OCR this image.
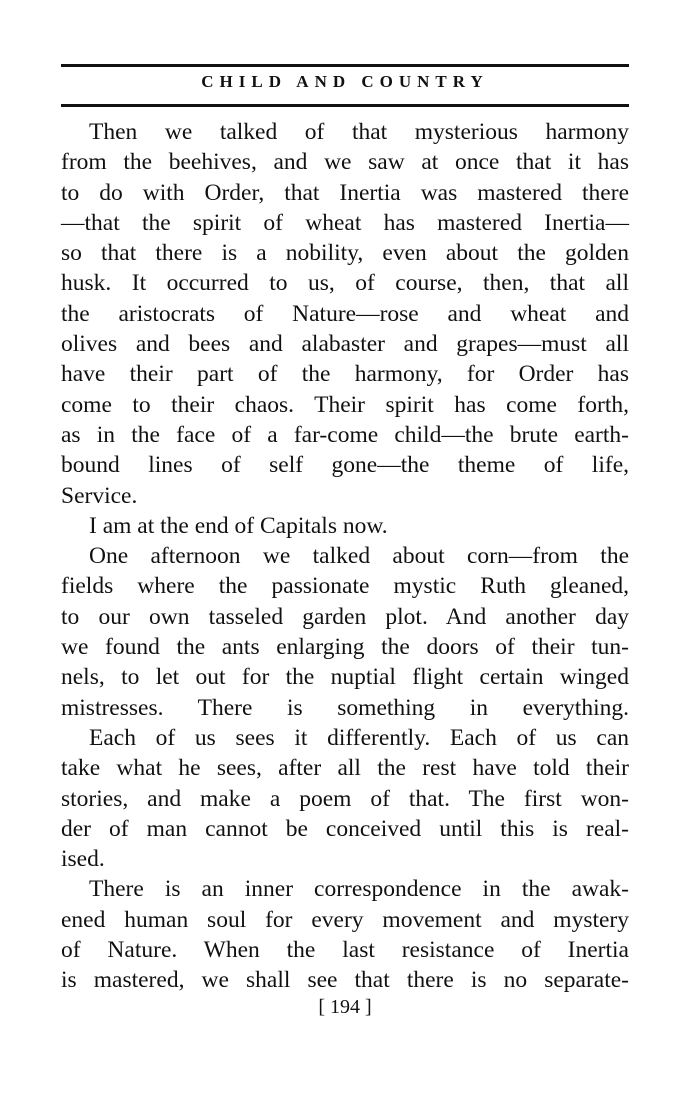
CHILD AND COUNTRY
Then we talked of that mysterious harmony
from the beehives, and we saw at once that it has
to do with Order, that Inertia was mastered there
—that the spirit of wheat has mastered Inertia—
so that there is a nobility, even about the golden
husk. It occurred to us, of course, then, that all
the aristocrats of Nature—rose and wheat and
olives and bees and alabaster and grapes—must all
have their part of the harmony, for Order has
come to their chaos. Their spirit has come forth,
as in the face of a far-come child—the brute earth-
bound lines of self gone—the theme of life,
Service.
I am at the end of Capitals now.
One afternoon we talked about corn—from the
fields where the passionate mystic Ruth gleaned,
to our own tasseled garden plot. And another day
we found the ants enlarging the doors of their tun-
nels, to let out for the nuptial flight certain winged
mistresses. There is something in everything.
Each of us sees it differently. Each of us can
take what he sees, after all the rest have told their
stories, and make a poem of that. The first won-
der of man cannot be conceived until this is real-
ised.
There is an inner correspondence in the awak-
ened human soul for every movement and mystery
of Nature. When the last resistance of Inertia
is mastered, we shall see that there is no separate-
[ 194 ]
